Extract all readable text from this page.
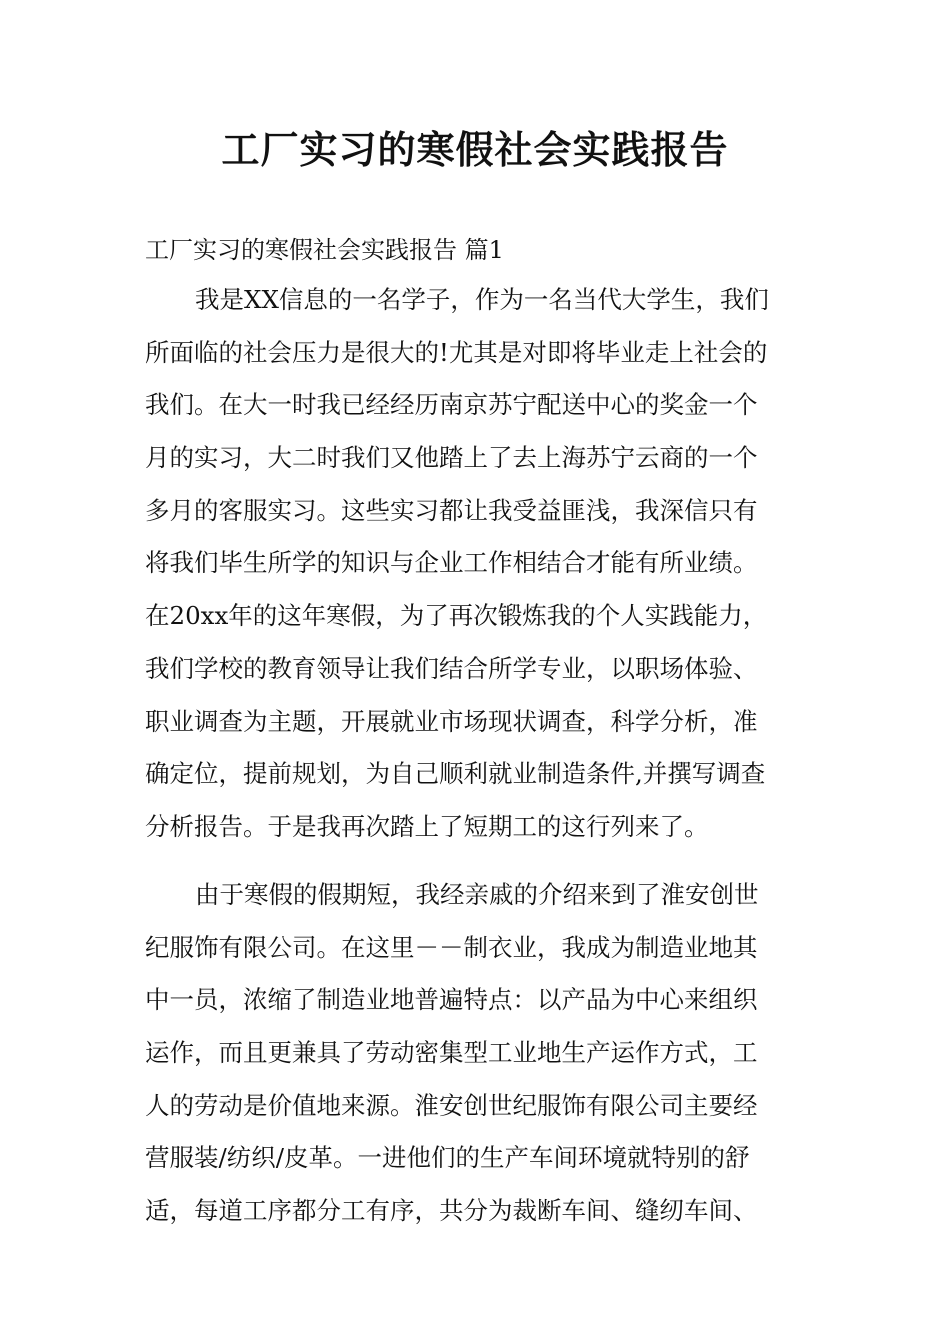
工厂实习的寒假社会实践报告
工厂实习的寒假社会实践报告 篇1
我是XX信息的一名学子，作为一名当代大学生，我们
所面临的社会压力是很大的!尤其是对即将毕业走上社会的
我们。在大一时我已经经历南京苏宁配送中心的奖金一个
月的实习，大二时我们又他踏上了去上海苏宁云商的一个
多月的客服实习。这些实习都让我受益匪浅，我深信只有
将我们毕生所学的知识与企业工作相结合才能有所业绩。
在20xx年的这年寒假，为了再次锻炼我的个人实践能力，
我们学校的教育领导让我们结合所学专业，以职场体验、
职业调查为主题，开展就业市场现状调查，科学分析，准
确定位，提前规划，为自己顺利就业制造条件,并撰写调查
分析报告。于是我再次踏上了短期工的这行列来了。
由于寒假的假期短，我经亲戚的介绍来到了淮安创世
纪服饰有限公司。在这里－－制衣业，我成为制造业地其
中一员，浓缩了制造业地普遍特点：以产品为中心来组织
运作，而且更兼具了劳动密集型工业地生产运作方式，工
人的劳动是价值地来源。淮安创世纪服饰有限公司主要经
营服装/纺织/皮革。一进他们的生产车间环境就特别的舒
适，每道工序都分工有序，共分为裁断车间、缝纫车间、
